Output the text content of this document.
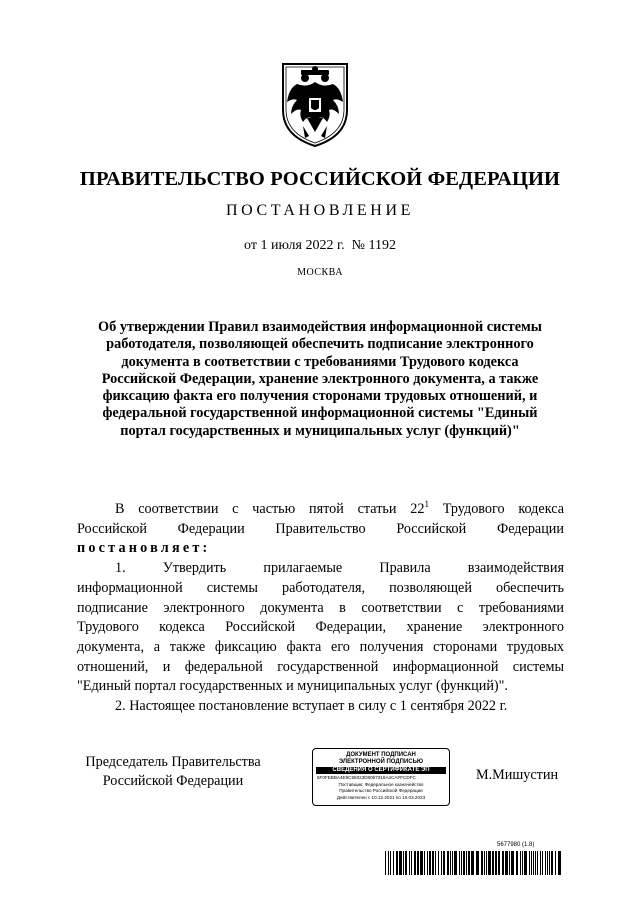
ПРАВИТЕЛЬСТВО РОССИЙСКОЙ ФЕДЕРАЦИИ
ПОСТАНОВЛЕНИЕ
от 1 июля 2022 г.  № 1192
МОСКВА

Об утверждении Правил взаимодействия информационной системы
работодателя, позволяющей обеспечить подписание электронного
документа в соответствии с требованиями Трудового кодекса
Российской Федерации, хранение электронного документа, а также
фиксацию факта его получения сторонами трудовых отношений, и
федеральной государственной информационной системы "Единый
портал государственных и муниципальных услуг (функций)"

В соответствии с частью пятой статьи $22^1$ Трудового кодекса

Российской Федерации Правительство Российской Федерации

постановляет:

1. Утвердить прилагаемые Правила взаимодействия

информационной системы работодателя, позволяющей обеспечить

подписание электронного документа в соответствии с требованиями

Трудового кодекса Российской Федерации, хранение электронного

документа, а также фиксацию факта его получения сторонами трудовых

отношений, и федеральной государственной информационной системы

"Единый портал государственных и муниципальных услуг (функций)".

2. Настоящее постановление вступает в силу с 1 сентября 2022 г.

Председатель Правительства
Российской Федерации
ДОКУМЕНТ ПОДПИСАН
ЭЛЕКТРОННОЙ ПОДПИСЬЮ
СВЕДЕНИЯ О СЕРТИФИКАТЕ ЭП
5F0FEBBA4E9C55023D8067316A4CAFFCDFC
Поставщик: Федеральное казначейство
Правительство Российской Федерации
Действителен с 10.12.2021 по 10.03.2023
М.Мишустин
5677980 (1.8)
